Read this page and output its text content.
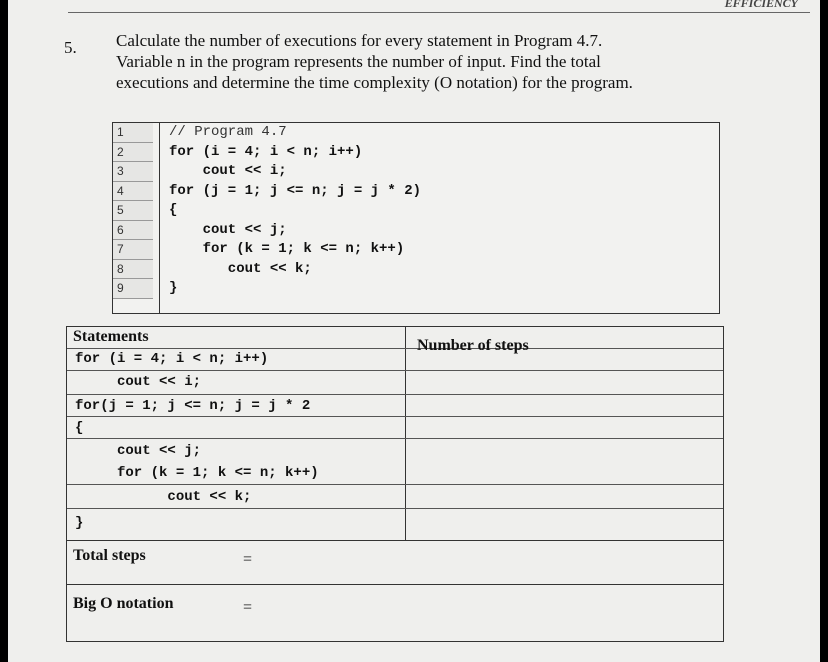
EFFICIENCY
5. Calculate the number of executions for every statement in Program 4.7.
Variable n in the program represents the number of input. Find the total
executions and determine the time complexity (O notation) for the program.
1
2
3
4
5
6
7
8
9
// Program 4.7
for (i = 4; i < n; i++)
cout << i;
for (j = 1; j <= n; j = j * 2)
{
cout << j;
for (k = 1; k <= n; k++)
cout << k;
}
Statements
Number of steps
for (i = 4; i < n; i++)
cout << i;
for(j = 1; j <= n; j = j * 2
{
cout << j;
for (k = 1; k <= n; k++)
cout << k;
}
Total steps	=
Big O notation	=
